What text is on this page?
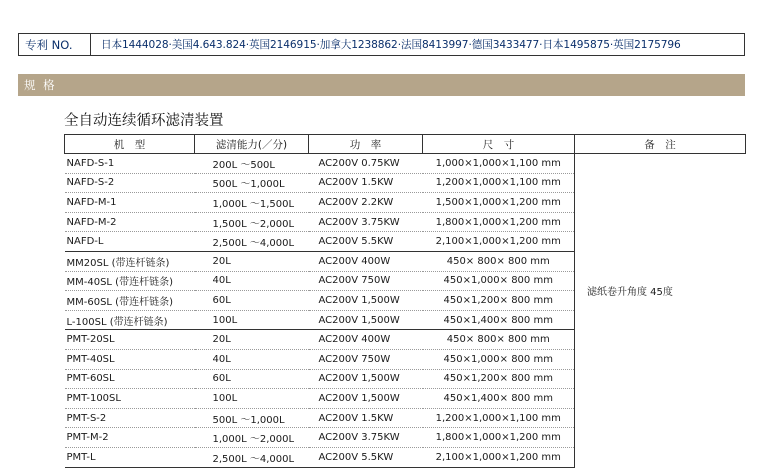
专利 NO.	日本1444028·美国4.643.824·英国2146915·加拿大1238862·法国8413997·德国3433477·日本1495875·英国2175796
规 格
全自动连续循环滤清装置
机　型	滤清能力(／分)	功　率	尺　寸	备　注
NAFD-S-1	200L ～500L	AC200V 0.75KW	1,000×1,000×1,100 mm	
NAFD-S-2	500L ～1,000L	AC200V 1.5KW	1,200×1,000×1,100 mm	
NAFD-M-1	1,000L ～1,500L	AC200V 2.2KW	1,500×1,000×1,200 mm	
NAFD-M-2	1,500L ～2,000L	AC200V 3.75KW	1,800×1,000×1,200 mm	
NAFD-L	2,500L ～4,000L	AC200V 5.5KW	2,100×1,000×1,200 mm	
MM20SL (带连杆链条)	20L	AC200V 400W	450× 800× 800 mm	滤纸卷升角度 45度
MM-40SL (带连杆链条)	40L	AC200V 750W	450×1,000× 800 mm	
MM-60SL (带连杆链条)	60L	AC200V 1,500W	450×1,200× 800 mm	
L-100SL (带连杆链条)	100L	AC200V 1,500W	450×1,400× 800 mm	
PMT-20SL	20L	AC200V 400W	450× 800× 800 mm	
PMT-40SL	40L	AC200V 750W	450×1,000× 800 mm	
PMT-60SL	60L	AC200V 1,500W	450×1,200× 800 mm	
PMT-100SL	100L	AC200V 1,500W	450×1,400× 800 mm	
PMT-S-2	500L ～1,000L	AC200V 1.5KW	1,200×1,000×1,100 mm	
PMT-M-2	1,000L ～2,000L	AC200V 3.75KW	1,800×1,000×1,200 mm	
PMT-L	2,500L ～4,000L	AC200V 5.5KW	2,100×1,000×1,200 mm	
